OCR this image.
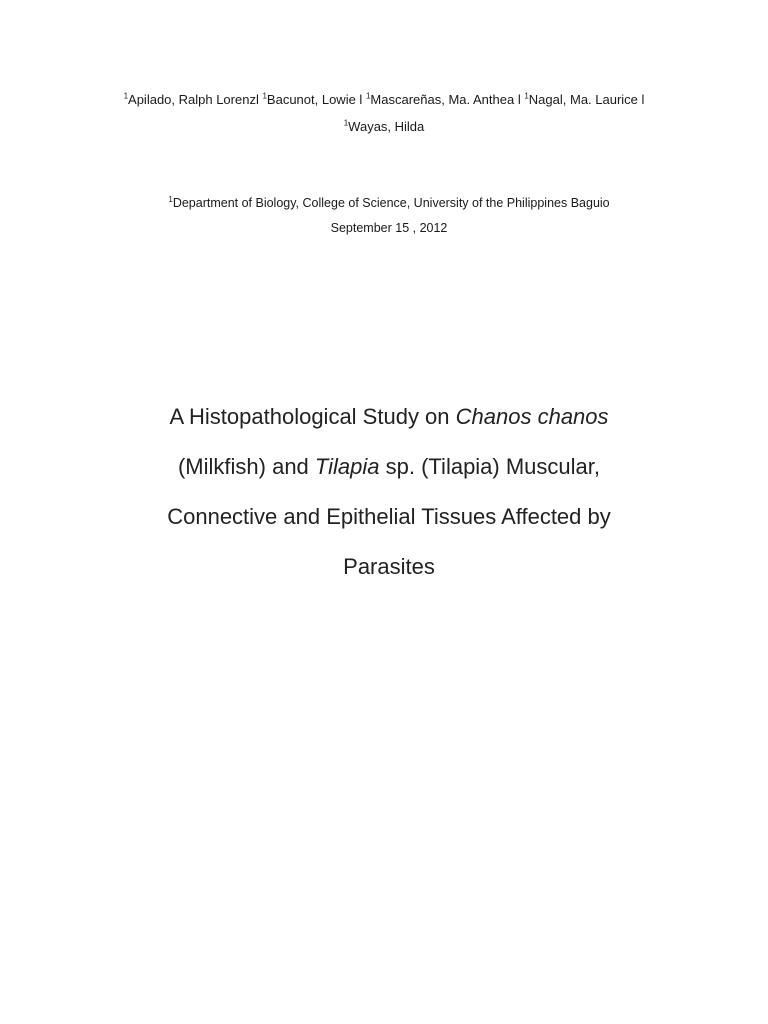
$^1$Apilado, Ralph Lorenzl $^1$Bacunot, Lowie l $^1$Mascareñas, Ma. Anthea l $^1$Nagal, Ma. Laurice l
$^1$Wayas, Hilda
$^1$Department of Biology, College of Science, University of the Philippines Baguio
September 15 , 2012
A Histopathological Study on Chanos chanos
(Milkfish) and Tilapia sp. (Tilapia) Muscular,
Connective and Epithelial Tissues Affected by
Parasites
